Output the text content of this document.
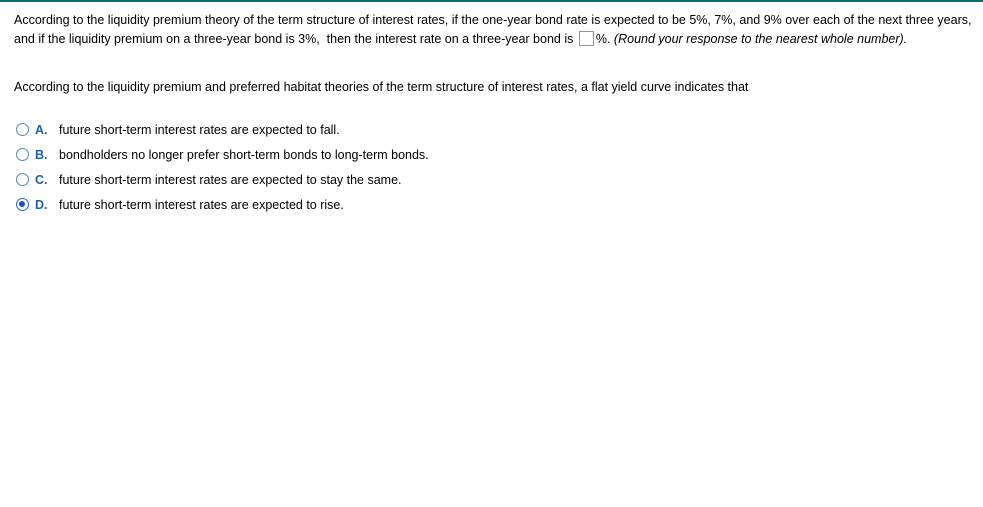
According to the liquidity premium theory of the term structure of interest rates, if the one-year bond rate is expected to be 5%, 7%, and 9% over each of the next three years, and if the liquidity premium on a three-year bond is 3%,  then the interest rate on a three-year bond is %. (Round your response to the nearest whole number).
According to the liquidity premium and preferred habitat theories of the term structure of interest rates, a flat yield curve indicates that
A. future short-term interest rates are expected to fall.
B. bondholders no longer prefer short-term bonds to long-term bonds.
C. future short-term interest rates are expected to stay the same.
D. future short-term interest rates are expected to rise.
